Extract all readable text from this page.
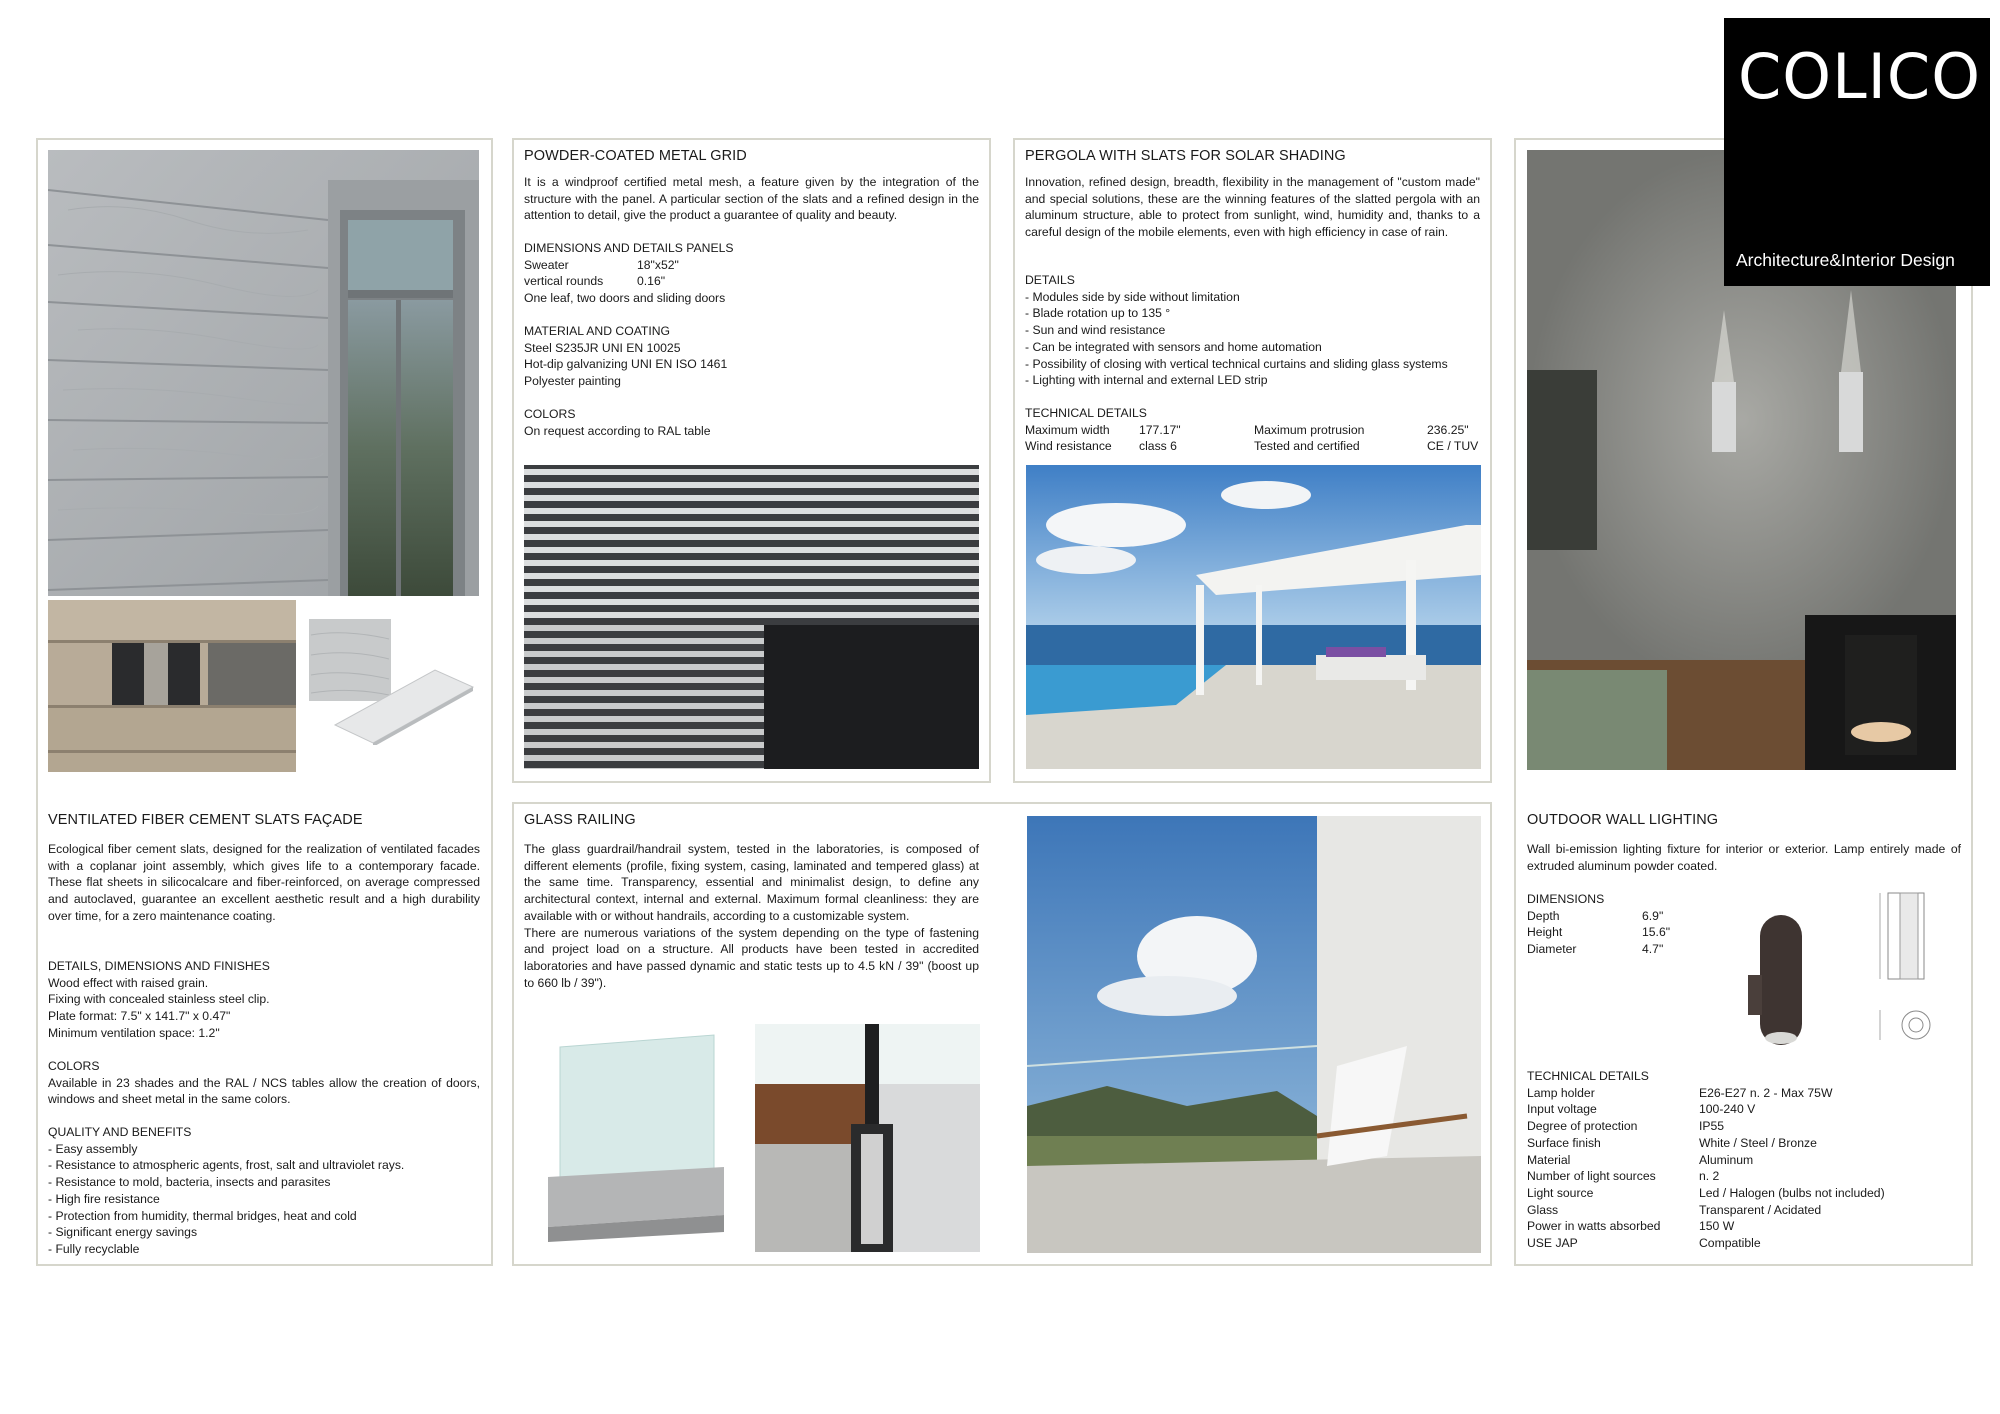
VENTILATED FIBER CEMENT SLATS FAÇADE
Ecological fiber cement slats, designed for the realization of ventilated facades with a coplanar joint assembly, which gives life to a contemporary facade. These flat sheets in silicocalcare and fiber-reinforced, on average compressed and autoclaved, guarantee an excellent aesthetic result and a high durability over time, for a zero maintenance coating.
DETAILS, DIMENSIONS AND FINISHES
Wood effect with raised grain.
Fixing with concealed stainless steel clip.
Plate format: 7.5" x 141.7" x 0.47"
Minimum ventilation space: 1.2"
COLORS
Available in 23 shades and the RAL / NCS tables allow the creation of doors, windows and sheet metal in the same colors.
QUALITY AND BENEFITS
- Easy assembly
- Resistance to atmospheric agents, frost, salt and ultraviolet rays.
- Resistance to mold, bacteria, insects and parasites
- High fire resistance
- Protection from humidity, thermal bridges, heat and cold
- Significant energy savings
- Fully recyclable
POWDER-COATED METAL GRID
It is a windproof certified metal mesh, a feature given by the integration of the structure with the panel. A particular section of the slats and a refined design in the attention to detail, give the product a guarantee of quality and beauty.
DIMENSIONS AND DETAILS PANELS
Sweater	18"x52"
vertical rounds	0.16"
One leaf, two doors and sliding doors
MATERIAL AND COATING
Steel S235JR UNI EN 10025
Hot-dip galvanizing UNI EN ISO 1461
Polyester painting
COLORS
On request according to RAL table
PERGOLA WITH SLATS FOR SOLAR SHADING
Innovation, refined design, breadth, flexibility in the management of "custom made" and special solutions, these are the winning features of the slatted pergola with an aluminum structure, able to protect from sunlight, wind, humidity and, thanks to a careful design of the mobile elements, even with high efficiency in case of rain.
DETAILS
- Modules side by side without limitation
- Blade rotation up to 135 °
- Sun and wind resistance
- Can be integrated with sensors and home automation
- Possibility of closing with vertical technical curtains and sliding glass systems
- Lighting with internal and external LED strip
TECHNICAL DETAILS
Maximum width	177.17"	Maximum protrusion	236.25"
Wind resistance	class 6	Tested and certified	CE / TUV
GLASS RAILING
The glass guardrail/handrail system, tested in the laboratories, is composed of different elements (profile, fixing system, casing, laminated and tempered glass) at the same time. Transparency, essential and minimalist design, to define any architectural context, internal and external. Maximum formal cleanliness: they are available with or without handrails, according to a customizable system.
There are numerous variations of the system depending on the type of fastening and project load on a structure. All products have been tested in accredited laboratories and have passed dynamic and static tests up to 4.5 kN / 39" (boost up to 660 lb / 39").
COLICO
Architecture&Interior Design
OUTDOOR WALL LIGHTING
Wall bi-emission lighting fixture for interior or exterior. Lamp entirely made of extruded aluminum powder coated.
DIMENSIONS
Depth	6.9"
Height	15.6"
Diameter	4.7"
TECHNICAL DETAILS
Lamp holder	E26-E27 n. 2 - Max 75W
Input voltage	100-240 V
Degree of protection	IP55
Surface finish	White / Steel / Bronze
Material	Aluminum
Number of light sources	n. 2
Light source	Led / Halogen (bulbs not included)
Glass	Transparent / Acidated
Power in watts absorbed	150 W
USE JAP	Compatible
